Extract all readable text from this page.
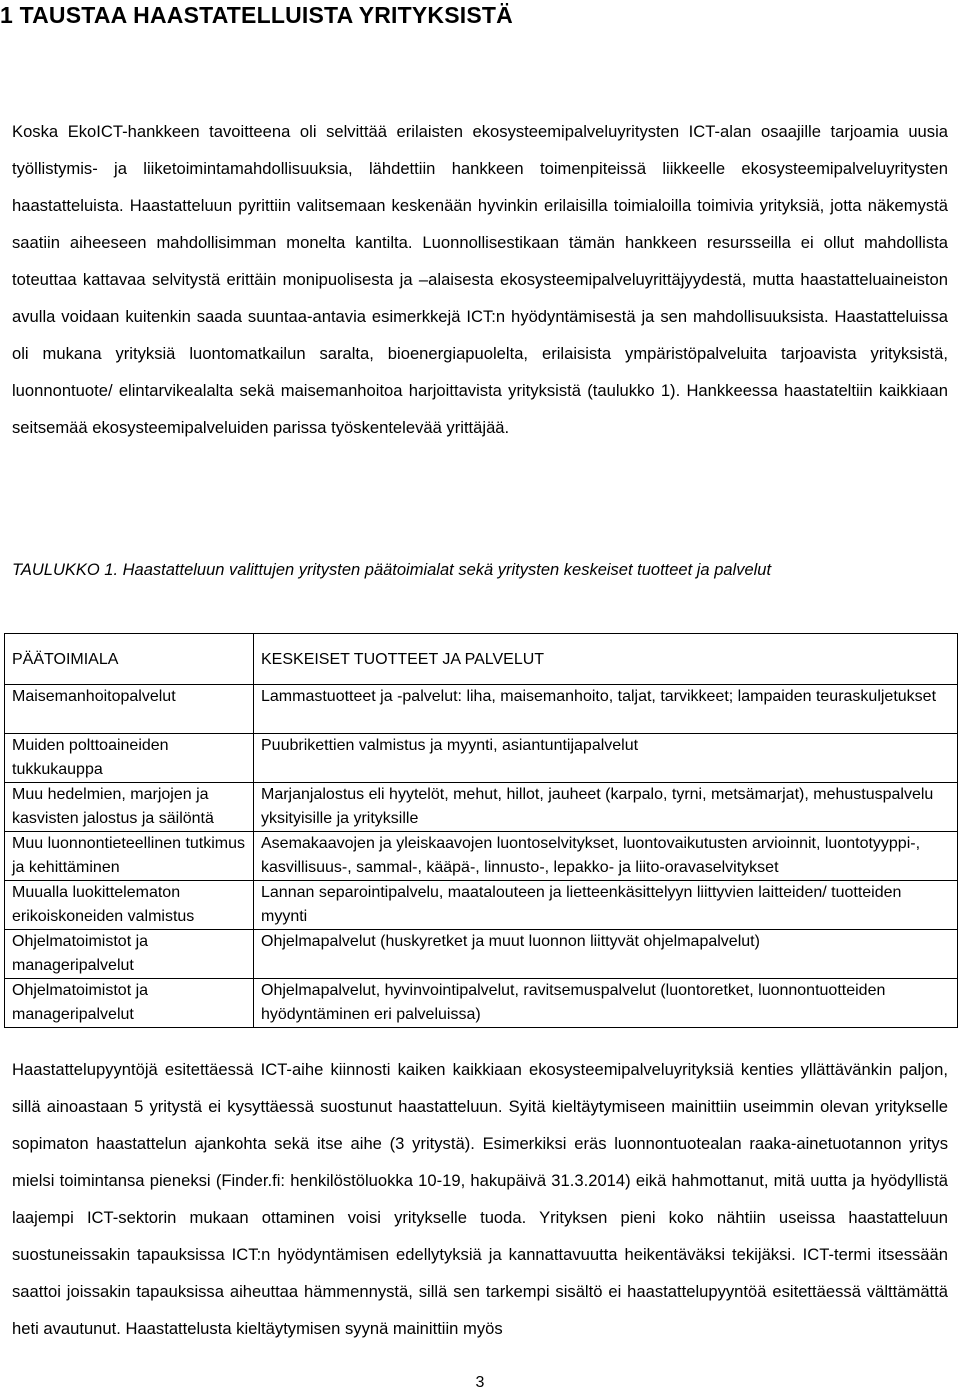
1 TAUSTAA HAASTATELLUISTA YRITYKSISTÄ

Koska EkoICT-hankkeen tavoitteena oli selvittää erilaisten ekosysteemipalveluyritysten ICT-alan osaajille tarjoamia uusia työllistymis- ja liiketoimintamahdollisuuksia, lähdettiin hankkeen toimenpiteissä liikkeelle ekosysteemipalveluyritysten haastatteluista. Haastatteluun pyrittiin valitsemaan keskenään hyvinkin erilaisilla toimialoilla toimivia yrityksiä, jotta näkemystä saatiin aiheeseen mahdollisimman monelta kantilta. Luonnollisestikaan tämän hankkeen resursseilla ei ollut mahdollista toteuttaa kattavaa selvitystä erittäin monipuolisesta ja –alaisesta ekosysteemipalveluyrittäjyydestä, mutta haastatteluaineiston avulla voidaan kuitenkin saada suuntaa-antavia esimerkkejä ICT:n hyödyntämisestä ja sen mahdollisuuksista. Haastatteluissa oli mukana yrityksiä luontomatkailun saralta, bioenergiapuolelta, erilaisista ympäristöpalveluita tarjoavista yrityksistä, luonnontuote/ elintarvikealalta sekä maisemanhoitoa harjoittavista yrityksistä (taulukko 1). Hankkeessa haastateltiin kaikkiaan seitsemää ekosysteemipalveluiden parissa työskentelevää yrittäjää.

TAULUKKO 1. Haastatteluun valittujen yritysten päätoimialat sekä yritysten keskeiset tuotteet ja palvelut

PÄÄTOIMIALA	KESKEISET TUOTTEET JA PALVELUT
Maisemanhoitopalvelut	Lammastuotteet ja -palvelut: liha, maisemanhoito, taljat, tarvikkeet; lampaiden teuraskuljetukset
Muiden polttoaineiden tukkukauppa	Puubrikettien valmistus ja myynti, asiantuntijapalvelut
Muu hedelmien, marjojen ja kasvisten jalostus ja säilöntä	Marjanjalostus eli hyytelöt, mehut, hillot, jauheet (karpalo, tyrni, metsämarjat), mehustuspalvelu yksityisille ja yrityksille
Muu luonnontieteellinen tutkimus ja kehittäminen	Asemakaavojen ja yleiskaavojen luontoselvitykset, luontovaikutusten arvioinnit, luontotyyppi-, kasvillisuus-, sammal-, kääpä-, linnusto-, lepakko- ja liito-oravaselvitykset
Muualla luokittelematon erikoiskoneiden valmistus	Lannan separointipalvelu, maatalouteen ja lietteenkäsittelyyn liittyvien laitteiden/ tuotteiden myynti
Ohjelmatoimistot ja manageripalvelut	Ohjelmapalvelut (huskyretket ja muut luonnon liittyvät ohjelmapalvelut)
Ohjelmatoimistot ja manageripalvelut	Ohjelmapalvelut, hyvinvointipalvelut, ravitsemuspalvelut (luontoretket, luonnontuotteiden hyödyntäminen eri palveluissa)

Haastattelupyyntöjä esitettäessä ICT-aihe kiinnosti kaiken kaikkiaan ekosysteemipalveluyrityksiä kenties yllättävänkin paljon, sillä ainoastaan 5 yritystä ei kysyttäessä suostunut haastatteluun. Syitä kieltäytymiseen mainittiin useimmin olevan yritykselle sopimaton haastattelun ajankohta sekä itse aihe (3 yritystä). Esimerkiksi eräs luonnontuotealan raaka-ainetuotannon yritys mielsi toimintansa pieneksi (Finder.fi: henkilöstöluokka 10-19, hakupäivä 31.3.2014) eikä hahmottanut, mitä uutta ja hyödyllistä laajempi ICT-sektorin mukaan ottaminen voisi yritykselle tuoda. Yrityksen pieni koko nähtiin useissa haastatteluun suostuneissakin tapauksissa ICT:n hyödyntämisen edellytyksiä ja kannattavuutta heikentäväksi tekijäksi. ICT-termi itsessään saattoi joissakin tapauksissa aiheuttaa hämmennystä, sillä sen tarkempi sisältö ei haastattelupyyntöä esitettäessä välttämättä heti avautunut. Haastattelusta kieltäytymisen syynä mainittiin myös

3
